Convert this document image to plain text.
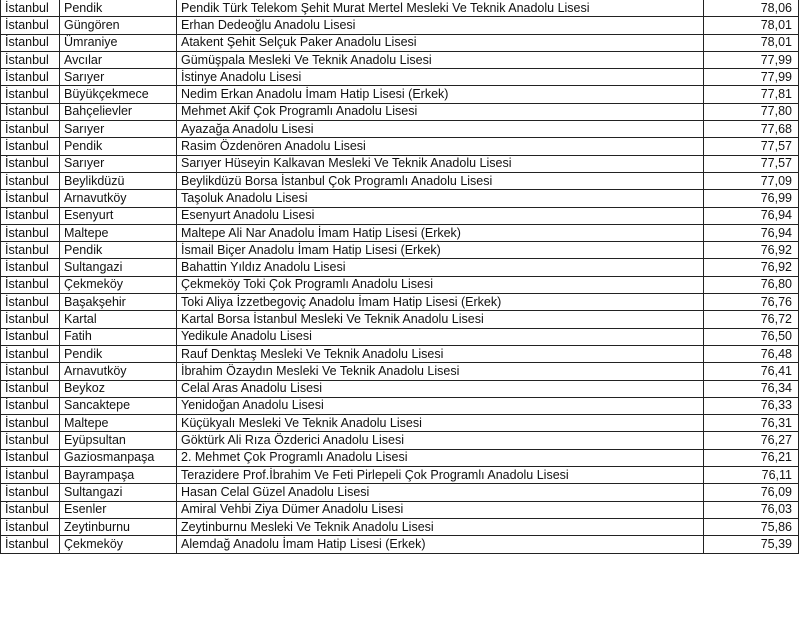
İstanbul	Pendik	Pendik Türk Telekom Şehit Murat Mertel Mesleki Ve Teknik Anadolu Lisesi	78,06
İstanbul	Güngören	Erhan Dedeoğlu Anadolu Lisesi	78,01
İstanbul	Ümraniye	Atakent Şehit Selçuk Paker Anadolu Lisesi	78,01
İstanbul	Avcılar	Gümüşpala Mesleki Ve Teknik Anadolu Lisesi	77,99
İstanbul	Sarıyer	İstinye Anadolu Lisesi	77,99
İstanbul	Büyükçekmece	Nedim Erkan Anadolu İmam Hatip Lisesi (Erkek)	77,81
İstanbul	Bahçelievler	Mehmet Akif Çok Programlı Anadolu Lisesi	77,80
İstanbul	Sarıyer	Ayazağa Anadolu Lisesi	77,68
İstanbul	Pendik	Rasim Özdenören Anadolu Lisesi	77,57
İstanbul	Sarıyer	Sarıyer Hüseyin Kalkavan Mesleki Ve Teknik Anadolu Lisesi	77,57
İstanbul	Beylikdüzü	Beylikdüzü Borsa İstanbul Çok Programlı Anadolu Lisesi	77,09
İstanbul	Arnavutköy	Taşoluk Anadolu Lisesi	76,99
İstanbul	Esenyurt	Esenyurt Anadolu Lisesi	76,94
İstanbul	Maltepe	Maltepe Ali Nar Anadolu İmam Hatip Lisesi (Erkek)	76,94
İstanbul	Pendik	İsmail Biçer Anadolu İmam Hatip Lisesi (Erkek)	76,92
İstanbul	Sultangazi	Bahattin Yıldız Anadolu Lisesi	76,92
İstanbul	Çekmeköy	Çekmeköy Toki Çok Programlı Anadolu Lisesi	76,80
İstanbul	Başakşehir	Toki Aliya İzzetbegoviç Anadolu İmam Hatip Lisesi (Erkek)	76,76
İstanbul	Kartal	Kartal Borsa İstanbul Mesleki Ve Teknik Anadolu Lisesi	76,72
İstanbul	Fatih	Yedikule Anadolu Lisesi	76,50
İstanbul	Pendik	Rauf Denktaş Mesleki Ve Teknik Anadolu Lisesi	76,48
İstanbul	Arnavutköy	İbrahim Özaydın Mesleki Ve Teknik Anadolu Lisesi	76,41
İstanbul	Beykoz	Celal Aras Anadolu Lisesi	76,34
İstanbul	Sancaktepe	Yenidoğan Anadolu Lisesi	76,33
İstanbul	Maltepe	Küçükyalı Mesleki Ve Teknik Anadolu Lisesi	76,31
İstanbul	Eyüpsultan	Göktürk Ali Rıza Özderici Anadolu Lisesi	76,27
İstanbul	Gaziosmanpaşa	2. Mehmet Çok Programlı Anadolu Lisesi	76,21
İstanbul	Bayrampaşa	Terazidere Prof.İbrahim Ve Feti Pirlepeli Çok Programlı Anadolu Lisesi	76,11
İstanbul	Sultangazi	Hasan Celal Güzel Anadolu Lisesi	76,09
İstanbul	Esenler	Amiral Vehbi Ziya Dümer Anadolu Lisesi	76,03
İstanbul	Zeytinburnu	Zeytinburnu Mesleki Ve Teknik Anadolu Lisesi	75,86
İstanbul	Çekmeköy	Alemdağ Anadolu İmam Hatip Lisesi (Erkek)	75,39
